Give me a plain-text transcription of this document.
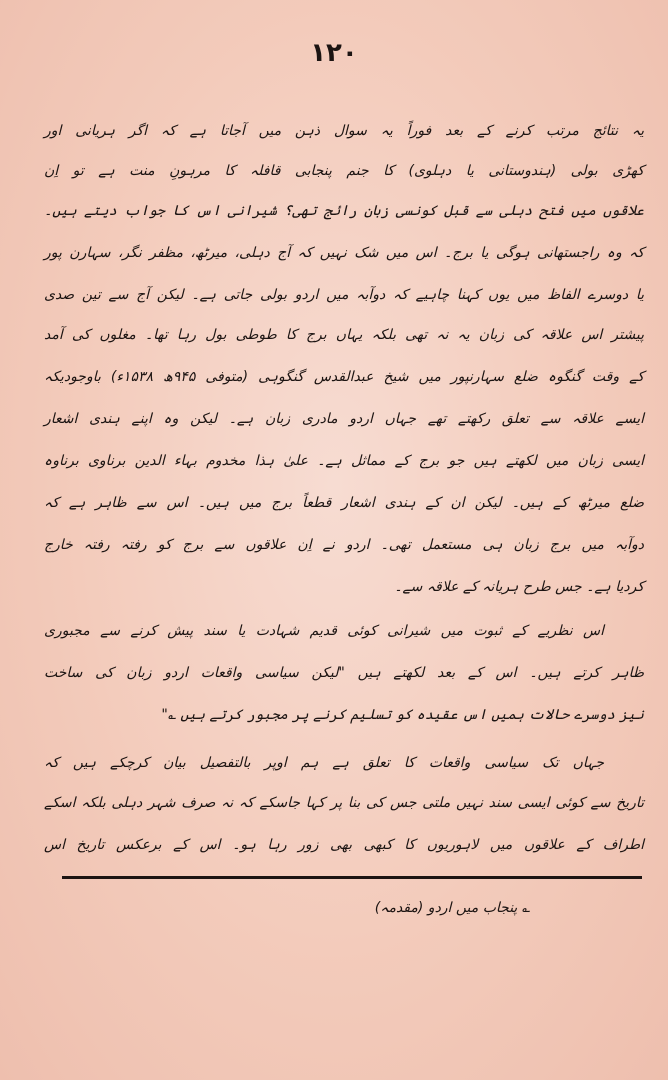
۱۲۰
یہ نتائج مرتب کرنے کے بعد فوراً یہ سوال ذہن میں آجاتا ہے کہ اگر ہریانی اور
کھڑی بولی (ہندوستانی یا دہلوی) کا جنم پنجابی قافلہ کا مرہونِ منت ہے تو اِن
علاقوں میں فتح دہلی سے قبل کونسی زبان رائج تھی؟ شیرانی اس کا جواب دیتے ہیں۔
کہ وہ راجستھانی ہوگی یا برج۔ اس میں شک نہیں کہ آج دہلی، میرٹھ، مظفر نگر، سہارن پور
یا دوسرے الفاظ میں یوں کہنا چاہیے کہ دوآبہ میں اردو بولی جاتی ہے۔ لیکن آج سے تین صدی
پیشتر اس علاقہ کی زبان یہ نہ تھی بلکہ یہاں برج کا طوطی بول رہا تھا۔ مغلوں کی آمد
کے وقت گنگوہ ضلع سہارنپور میں شیخ عبدالقدس گنگوہی (متوفی ۹۴۵ھ ۱۵۳۸ء) باوجودیکہ
ایسے علاقہ سے تعلق رکھتے تھے جہاں اردو مادری زبان ہے۔ لیکن وہ اپنے ہندی اشعار
ایسی زبان میں لکھتے ہیں جو برج کے مماثل ہے۔ علیٰ ہذا مخدوم بہاء الدین برناوی برناوہ
ضلع میرٹھ کے ہیں۔ لیکن ان کے ہندی اشعار قطعاً برج میں ہیں۔ اس سے ظاہر ہے کہ
دوآبہ میں برج زبان ہی مستعمل تھی۔ اردو نے اِن علاقوں سے برج کو رفتہ رفتہ خارج
کردیا ہے۔ جس طرح ہریانہ کے علاقہ سے۔
اس نظریے کے ثبوت میں شیرانی کوئی قدیم شہادت یا سند پیش کرنے سے مجبوری
ظاہر کرتے ہیں۔ اس کے بعد لکھتے ہیں "لیکن سیاسی واقعات اردو زبان کی ساخت
نیز دوسرے حالات ہمیں اس عقیدہ کو تسلیم کرنے پر مجبور کرتے ہیں ؎"
جہاں تک سیاسی واقعات کا تعلق ہے ہم اوپر بالتفصیل بیان کرچکے ہیں کہ
تاریخ سے کوئی ایسی سند نہیں ملتی جس کی بنا پر کہا جاسکے کہ نہ صرف شہر دہلی بلکہ اسکے
اطراف کے علاقوں میں لاہوریوں کا کبھی بھی زور رہا ہو۔ اس کے برعکس تاریخ اس
؎ پنجاب میں اردو (مقدمہ)
